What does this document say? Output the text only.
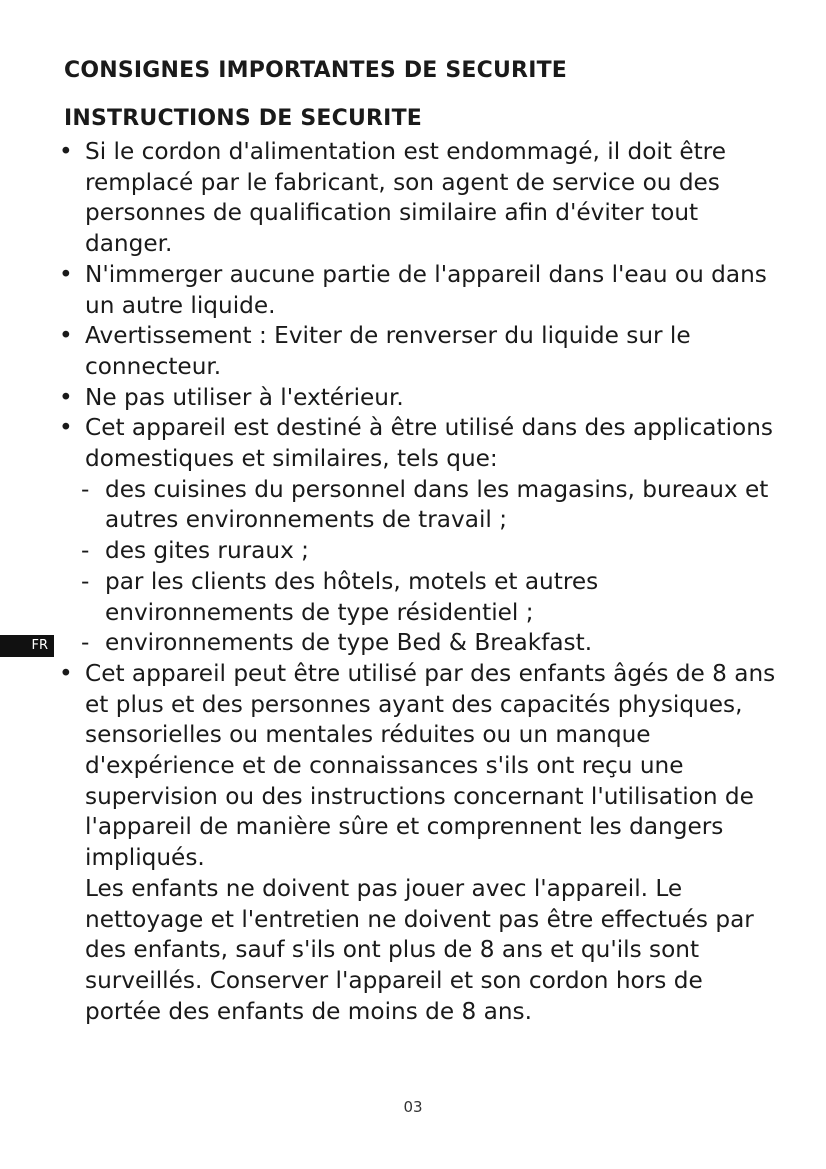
CONSIGNES IMPORTANTES DE SECURITE
INSTRUCTIONS DE SECURITE
• Si le cordon d'alimentation est endommagé, il doit être remplacé par le fabricant, son agent de service ou des personnes de qualification similaire afin d'éviter tout danger.
• N'immerger aucune partie de l'appareil dans l'eau ou dans un autre liquide.
• Avertissement : Eviter de renverser du liquide sur le connecteur.
• Ne pas utiliser à l'extérieur.
• Cet appareil est destiné à être utilisé dans des applications domestiques et similaires, tels que:
- des cuisines du personnel dans les magasins, bureaux et autres environnements de travail ;
- des gites ruraux ;
- par les clients des hôtels, motels et autres environnements de type résidentiel ;
- environnements de type Bed & Breakfast.
• Cet appareil peut être utilisé par des enfants âgés de 8 ans et plus et des personnes ayant des capacités physiques, sensorielles ou mentales réduites ou un manque d'expérience et de connaissances s'ils ont reçu une supervision ou des instructions concernant l'utilisation de l'appareil de manière sûre et comprennent les dangers impliqués.
Les enfants ne doivent pas jouer avec l'appareil. Le nettoyage et l'entretien ne doivent pas être effectués par des enfants, sauf s'ils ont plus de 8 ans et qu'ils sont surveillés. Conserver l'appareil et son cordon hors de portée des enfants de moins de 8 ans.
FR
03
